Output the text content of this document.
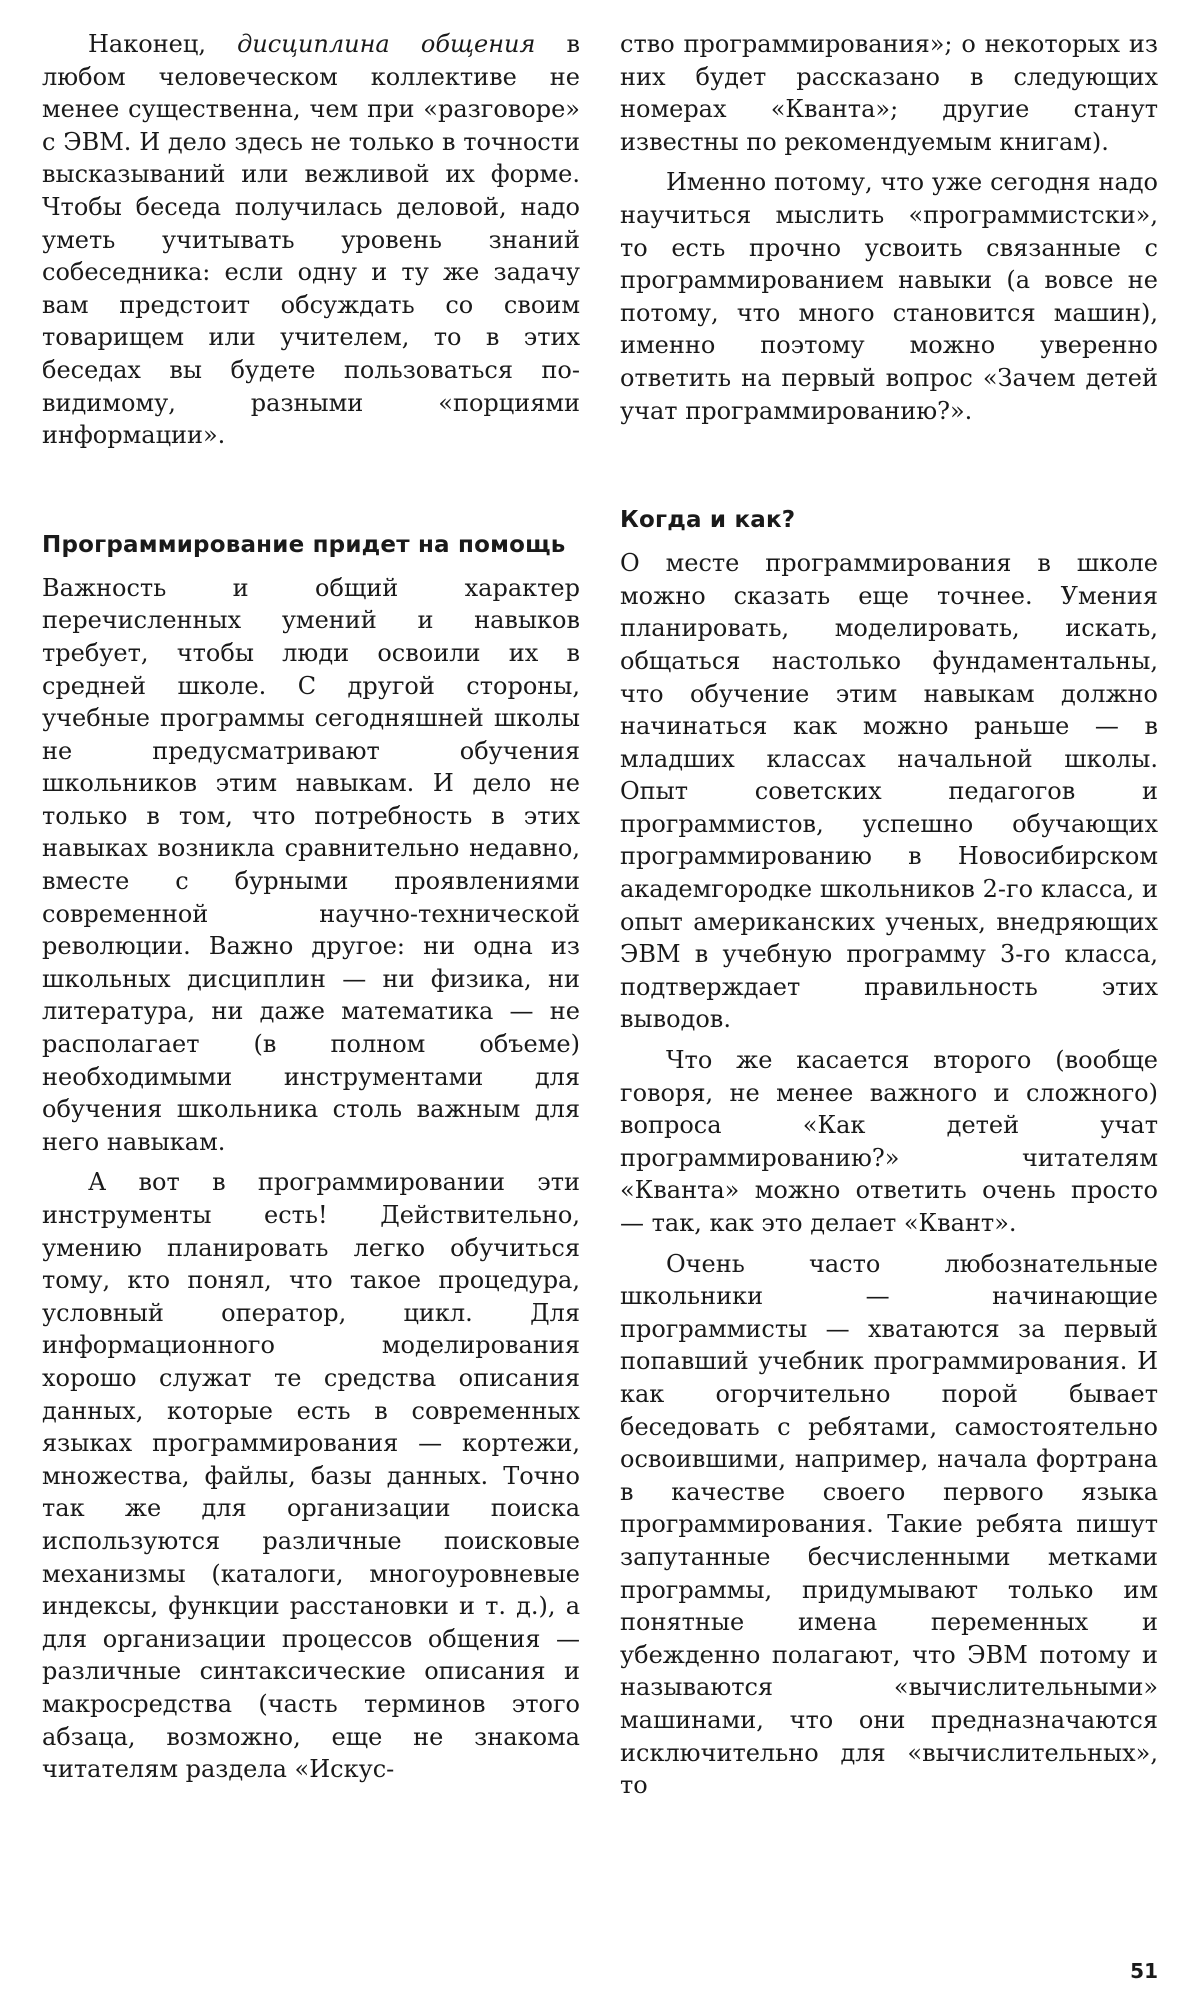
Наконец, дисциплина общения в любом человеческом коллективе не менее существенна, чем при «разговоре» с ЭВМ. И дело здесь не только в точности высказываний или вежливой их форме. Чтобы беседа получилась деловой, надо уметь учитывать уровень знаний собеседника: если одну и ту же задачу вам предстоит обсуждать со своим товарищем или учителем, то в этих беседах вы будете пользоваться по-видимому, разными «порциями информации».

Программирование придет на помощь

Важность и общий характер перечисленных умений и навыков требует, чтобы люди освоили их в средней школе. С другой стороны, учебные программы сегодняшней школы не предусматривают обучения школьников этим навыкам. И дело не только в том, что потребность в этих навыках возникла сравнительно недавно, вместе с бурными проявлениями современной научно-технической революции. Важно другое: ни одна из школьных дисциплин — ни физика, ни литература, ни даже математика — не располагает (в полном объеме) необходимыми инструментами для обучения школьника столь важным для него навыкам.

А вот в программировании эти инструменты есть! Действительно, умению планировать легко обучиться тому, кто понял, что такое процедура, условный оператор, цикл. Для информационного моделирования хорошо служат те средства описания данных, которые есть в современных языках программирования — кортежи, множества, файлы, базы данных. Точно так же для организации поиска используются различные поисковые механизмы (каталоги, многоуровневые индексы, функции расстановки и т. д.), а для организации процессов общения — различные синтаксические описания и макросредства (часть терминов этого абзаца, возможно, еще не знакома читателям раздела «Искус-

ство программирования»; о некоторых из них будет рассказано в следующих номерах «Кванта»; другие станут известны по рекомендуемым книгам).

Именно потому, что уже сегодня надо научиться мыслить «программистски», то есть прочно усвоить связанные с программированием навыки (а вовсе не потому, что много становится машин), именно поэтому можно уверенно ответить на первый вопрос «Зачем детей учат программированию?».

Когда и как?

О месте программирования в школе можно сказать еще точнее. Умения планировать, моделировать, искать, общаться настолько фундаментальны, что обучение этим навыкам должно начинаться как можно раньше — в младших классах начальной школы. Опыт советских педагогов и программистов, успешно обучающих программированию в Новосибирском академгородке школьников 2-го класса, и опыт американских ученых, внедряющих ЭВМ в учебную программу 3-го класса, подтверждает правильность этих выводов.

Что же касается второго (вообще говоря, не менее важного и сложного) вопроса «Как детей учат программированию?» читателям «Кванта» можно ответить очень просто — так, как это делает «Квант».

Очень часто любознательные школьники — начинающие программисты — хватаются за первый попавший учебник программирования. И как огорчительно порой бывает беседовать с ребятами, самостоятельно освоившими, например, начала фортрана в качестве своего первого языка программирования. Такие ребята пишут запутанные бесчисленными метками программы, придумывают только им понятные имена переменных и убежденно полагают, что ЭВМ потому и называются «вычислительными» машинами, что они предназначаются исключительно для «вычислительных», то

51
